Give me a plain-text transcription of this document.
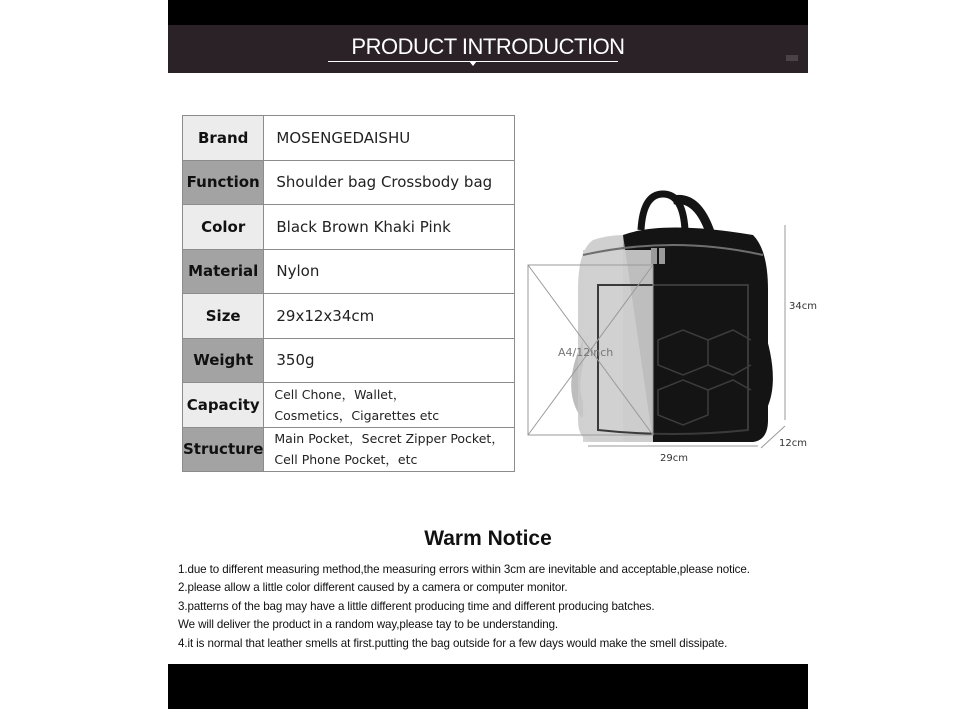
PRODUCT INTRODUCTION
Brand	MOSENGEDAISHU
Function	Shoulder bag Crossbody bag
Color	Black Brown Khaki Pink
Material	Nylon
Size	29x12x34cm
Weight	350g
Capacity	Cell Chone，Wallet，
Cosmetics，Cigarettes etc

Structure	Main Pocket，Secret Zipper Pocket，
Cell Phone Pocket，etc
A4/12inch
34cm
29cm
12cm
Warm Notice
1.due to different measuring method,the measuring errors within 3cm are inevitable and acceptable,please notice.
2.please allow a little color different caused by a camera or computer monitor.
3.patterns of the bag may have a little different producing time and different producing batches.
We will deliver the product in a random way,please tay to be understanding.
4.it is normal that leather smells at first.putting the bag outside for a few days would make the smell dissipate.
